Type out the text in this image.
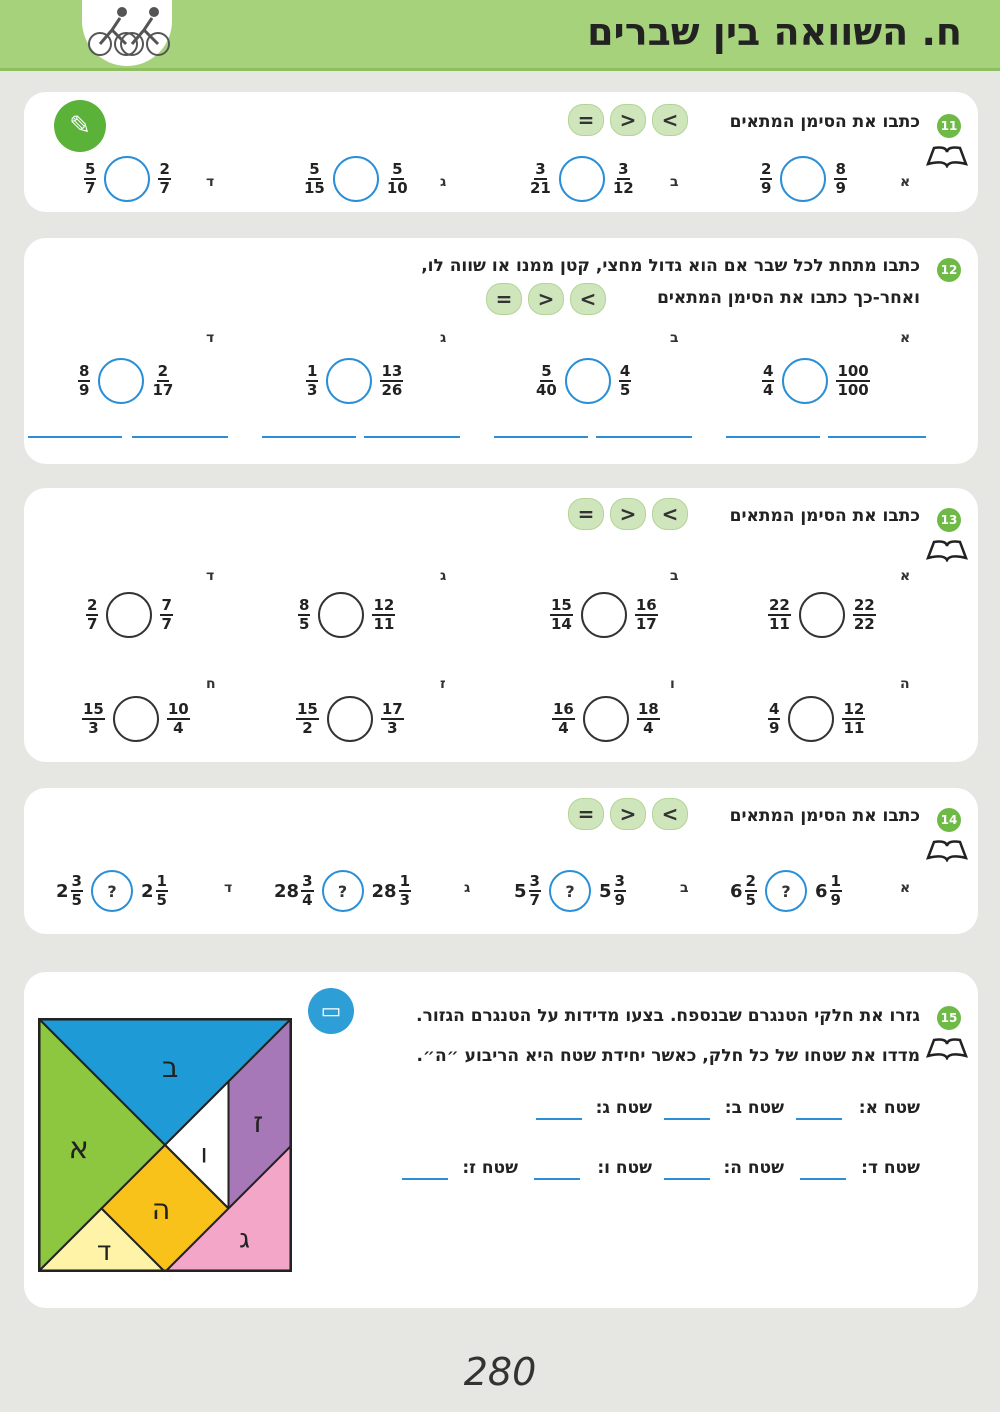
ח. השוואה בין שברים
11
כתבו את הסימן המתאים
=	>	<
✎
א
$\frac{2}{9}$	$\frac{8}{9}$
ב
$\frac{3}{21}$	$\frac{3}{12}$
ג
$\frac{5}{15}$	$\frac{5}{10}$
ד
$\frac{5}{7}$	$\frac{2}{7}$
12
כתבו מתחת לכל שבר אם הוא גדול מחצי, קטן ממנו או שווה לו,
ואחר-כך כתבו את הסימן המתאים
=	>	<
א
$\frac{4}{4}$	$\frac{100}{100}$
ב
$\frac{5}{40}$	$\frac{4}{5}$
ג
$\frac{1}{3}$	$\frac{13}{26}$
ד
$\frac{8}{9}$	$\frac{2}{17}$
13
כתבו את הסימן המתאים
=	>	<
א
$\frac{22}{11}$	$\frac{22}{22}$
ב
$\frac{15}{14}$	$\frac{16}{17}$
ג
$\frac{8}{5}$	$\frac{12}{11}$
ד
$\frac{2}{7}$	$\frac{7}{7}$
ה
$\frac{4}{9}$	$\frac{12}{11}$
ו
$\frac{16}{4}$	$\frac{18}{4}$
ז
$\frac{15}{2}$	$\frac{17}{3}$
ח
$\frac{15}{3}$	$\frac{10}{4}$
14
כתבו את הסימן המתאים
=	>	<
א
$6 \frac{2}{5}$	?	$6 \frac{1}{9}$
ב
$5 \frac{3}{7}$	?	$5 \frac{3}{9}$
ג
$28 \frac{3}{4}$	?	$28 \frac{1}{3}$
ד
$2 \frac{3}{5}$	?	$2 \frac{1}{5}$
15
▭	גזרו את חלקי הטנגרם שבנספח. בצעו מדידות על הטנגרם הגזור.
מדדו את שטחו של כל חלק, כאשר יחידת שטח היא הריבוע ״ה״.
שטח א:
שטח ב:
שטח ג:
שטח ד:
שטח ה:
שטח ו:
שטח ז:
ב
א
ז
ו
ה
ד	ג
280
